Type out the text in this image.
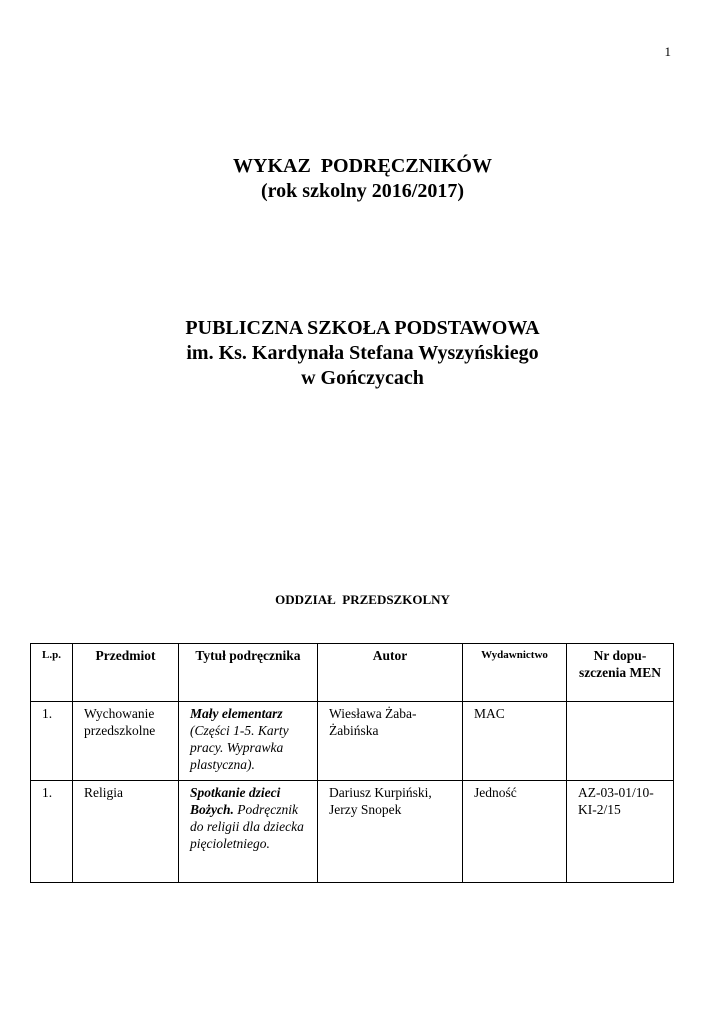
1
WYKAZ  PODRĘCZNIKÓW
(rok szkolny 2016/2017)
PUBLICZNA SZKOŁA PODSTAWOWA
im. Ks. Kardynała Stefana Wyszyńskiego
w Gończycach
ODDZIAŁ  PRZEDSZKOLNY
L.p.	Przedmiot	Tytuł podręcznika	Autor	Wydawnictwo	Nr dopu-szczenia MEN
1.	Wychowanie przedszkolne	Mały elementarz (Części 1-5. Karty pracy. Wyprawka plastyczna).	Wiesława Żaba-Żabińska	MAC	
1.	Religia	Spotkanie dzieci Bożych. Podręcznik do religii dla dziecka pięcioletniego.	Dariusz Kurpiński, Jerzy Snopek	Jedność	AZ-03-01/10-KI-2/15
